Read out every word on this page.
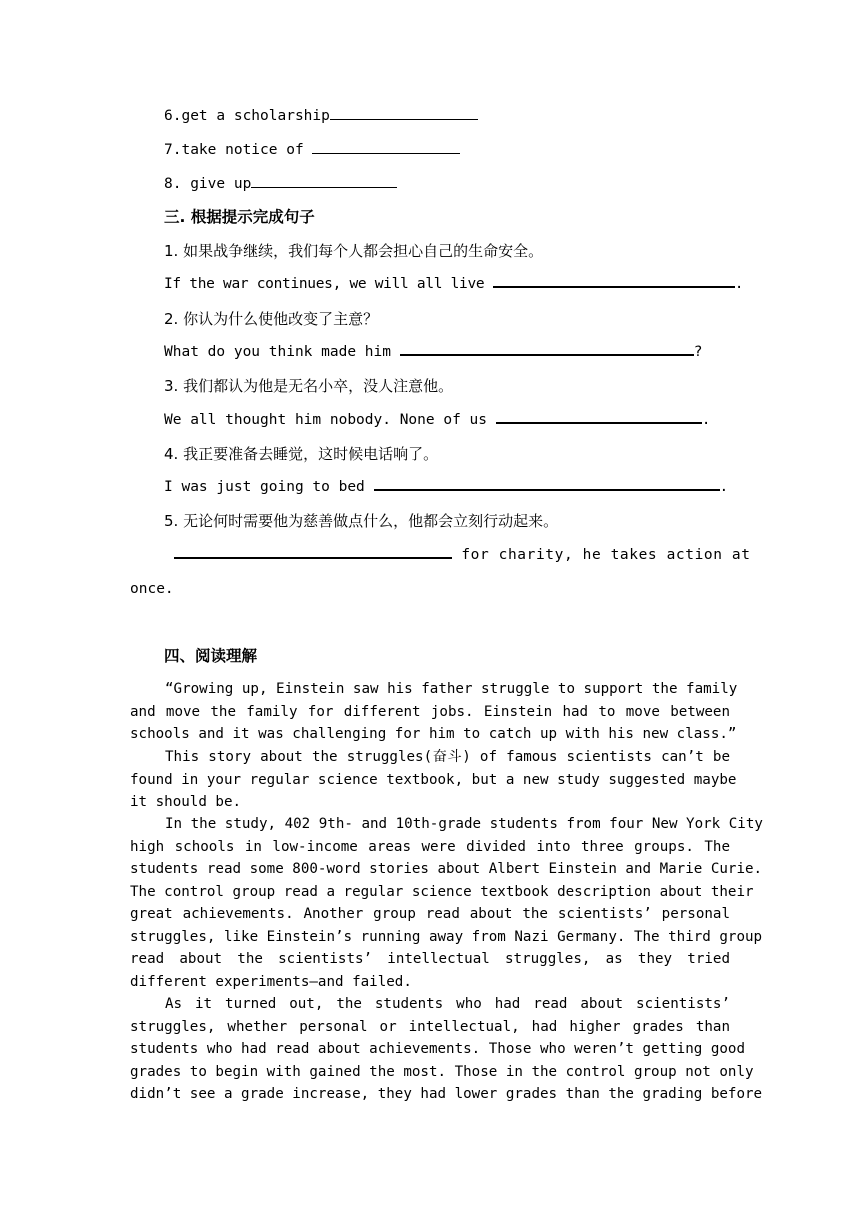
6.get a scholarship
7.take notice of
8. give up
三. 根据提示完成句子
1. 如果战争继续，我们每个人都会担心自己的生命安全。
If the war continues, we will all live	.
2. 你认为什么使他改变了主意？
What do you think made him	?
3. 我们都认为他是无名小卒，没人注意他。
We all thought him nobody. None of us	.
4. 我正要准备去睡觉，这时候电话响了。
I was just going to bed	.
5. 无论何时需要他为慈善做点什么，他都会立刻行动起来。
for charity, he takes action at
once.
四、阅读理解
“Growing up, Einstein saw his father struggle to support the family
and move the family for different jobs. Einstein had to move between
schools and it was challenging for him to catch up with his new class.”
This story about the struggles(奋斗) of famous scientists can’t be
found in your regular science textbook, but a new study suggested maybe
it should be.
In the study, 402 9th- and 10th-grade students from four New York City
high schools in low-income areas were divided into three groups. The
students read some 800-word stories about Albert Einstein and Marie Curie.
The control group read a regular science textbook description about their
great achievements. Another group read about the scientists’ personal
struggles, like Einstein’s running away from Nazi Germany. The third group
read about the scientists’ intellectual struggles, as they tried
different experiments—and failed.
As it turned out, the students who had read about scientists’
struggles, whether personal or intellectual, had higher grades than
students who had read about achievements. Those who weren’t getting good
grades to begin with gained the most. Those in the control group not only
didn’t see a grade increase, they had lower grades than the grading before
